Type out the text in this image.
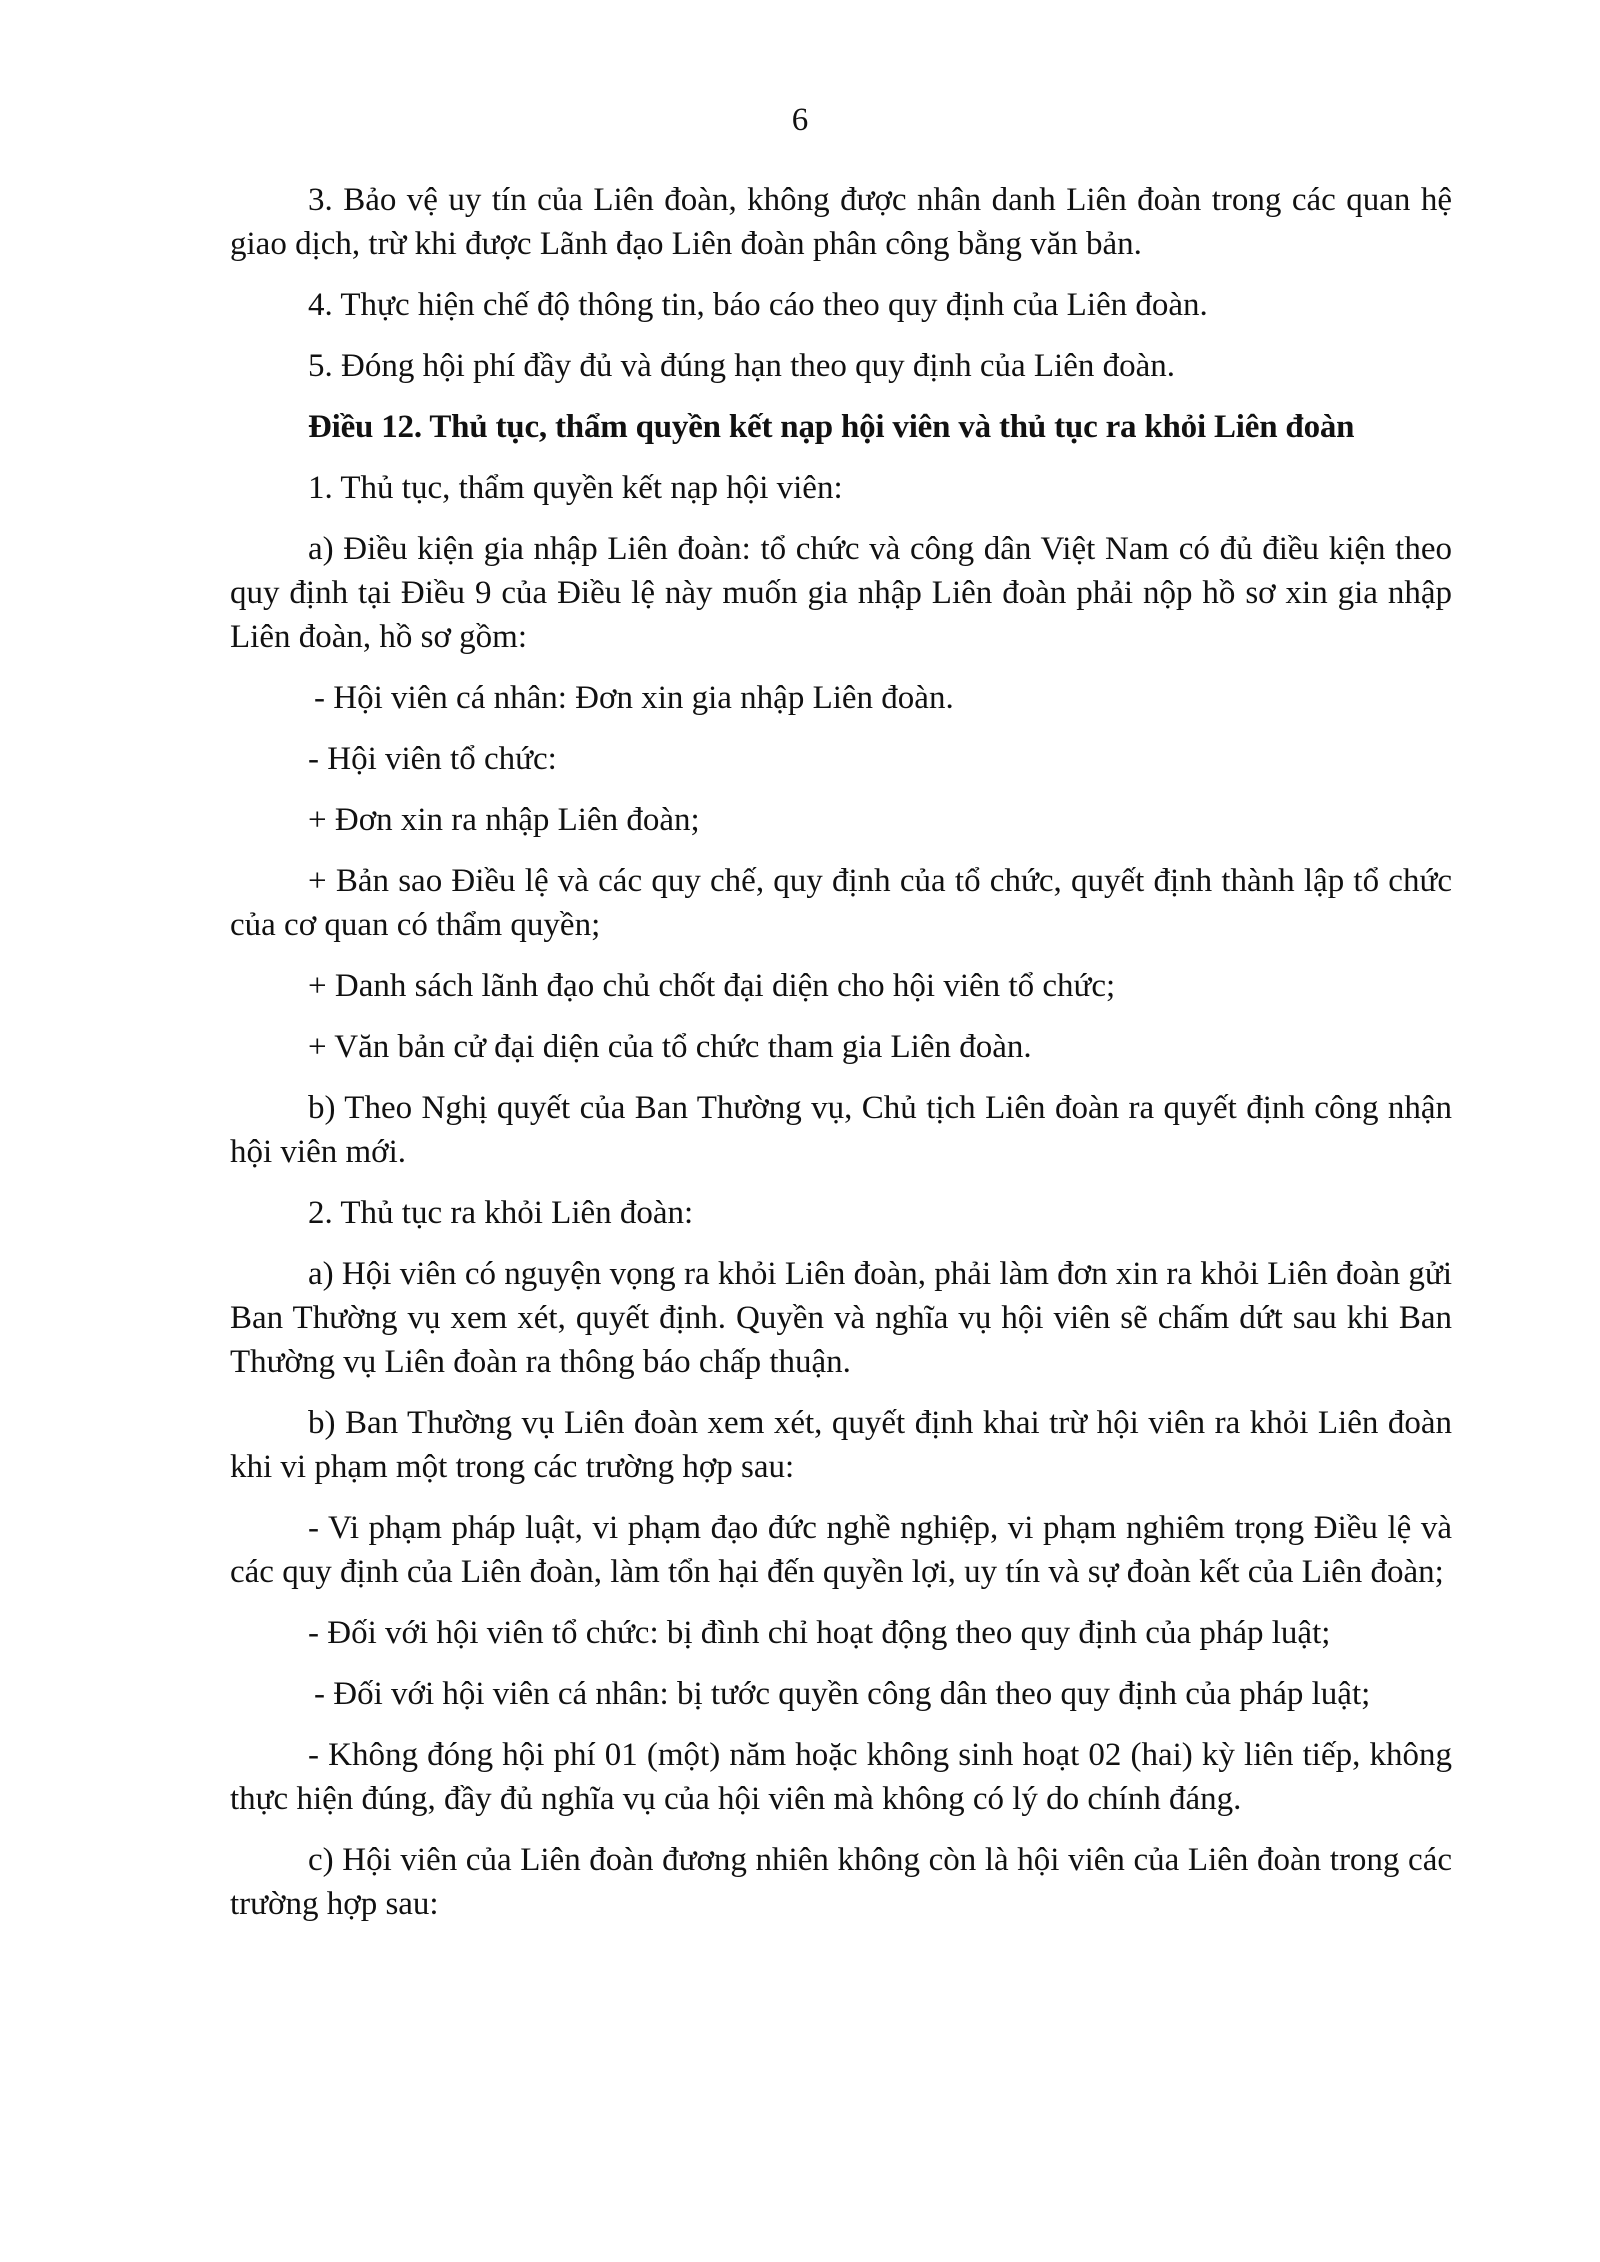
6

3. Bảo vệ uy tín của Liên đoàn, không được nhân danh Liên đoàn trong các quan hệ giao dịch, trừ khi được Lãnh đạo Liên đoàn phân công bằng văn bản.

4. Thực hiện chế độ thông tin, báo cáo theo quy định của Liên đoàn.

5. Đóng hội phí đầy đủ và đúng hạn theo quy định của Liên đoàn.

Điều 12. Thủ tục, thẩm quyền kết nạp hội viên và thủ tục ra khỏi Liên đoàn

1. Thủ tục, thẩm quyền kết nạp hội viên:

a) Điều kiện gia nhập Liên đoàn: tổ chức và công dân Việt Nam có đủ điều kiện theo quy định tại Điều 9 của Điều lệ này muốn gia nhập Liên đoàn phải nộp hồ sơ xin gia nhập Liên đoàn, hồ sơ gồm:

- Hội viên cá nhân: Đơn xin gia nhập Liên đoàn.

- Hội viên tổ chức:

+ Đơn xin ra nhập Liên đoàn;

+ Bản sao Điều lệ và các quy chế, quy định của tổ chức, quyết định thành lập tổ chức của cơ quan có thẩm quyền;

+ Danh sách lãnh đạo chủ chốt đại diện cho hội viên tổ chức;

+ Văn bản cử đại diện của tổ chức tham gia Liên đoàn.

b) Theo Nghị quyết của Ban Thường vụ, Chủ tịch Liên đoàn ra quyết định công nhận hội viên mới.

2. Thủ tục ra khỏi Liên đoàn:

a) Hội viên có nguyện vọng ra khỏi Liên đoàn, phải làm đơn xin ra khỏi Liên đoàn gửi Ban Thường vụ xem xét, quyết định. Quyền và nghĩa vụ hội viên sẽ chấm dứt sau khi Ban Thường vụ Liên đoàn ra thông báo chấp thuận.

b) Ban Thường vụ Liên đoàn xem xét, quyết định khai trừ hội viên ra khỏi Liên đoàn khi vi phạm một trong các trường hợp sau:

- Vi phạm pháp luật, vi phạm đạo đức nghề nghiệp, vi phạm nghiêm trọng Điều lệ và các quy định của Liên đoàn, làm tổn hại đến quyền lợi, uy tín và sự đoàn kết của Liên đoàn;

- Đối với hội viên tổ chức: bị đình chỉ hoạt động theo quy định của pháp luật;

- Đối với hội viên cá nhân: bị tước quyền công dân theo quy định của pháp luật;

- Không đóng hội phí 01 (một) năm hoặc không sinh hoạt 02 (hai) kỳ liên tiếp, không thực hiện đúng, đầy đủ nghĩa vụ của hội viên mà không có lý do chính đáng.

c) Hội viên của Liên đoàn đương nhiên không còn là hội viên của Liên đoàn trong các trường hợp sau:
